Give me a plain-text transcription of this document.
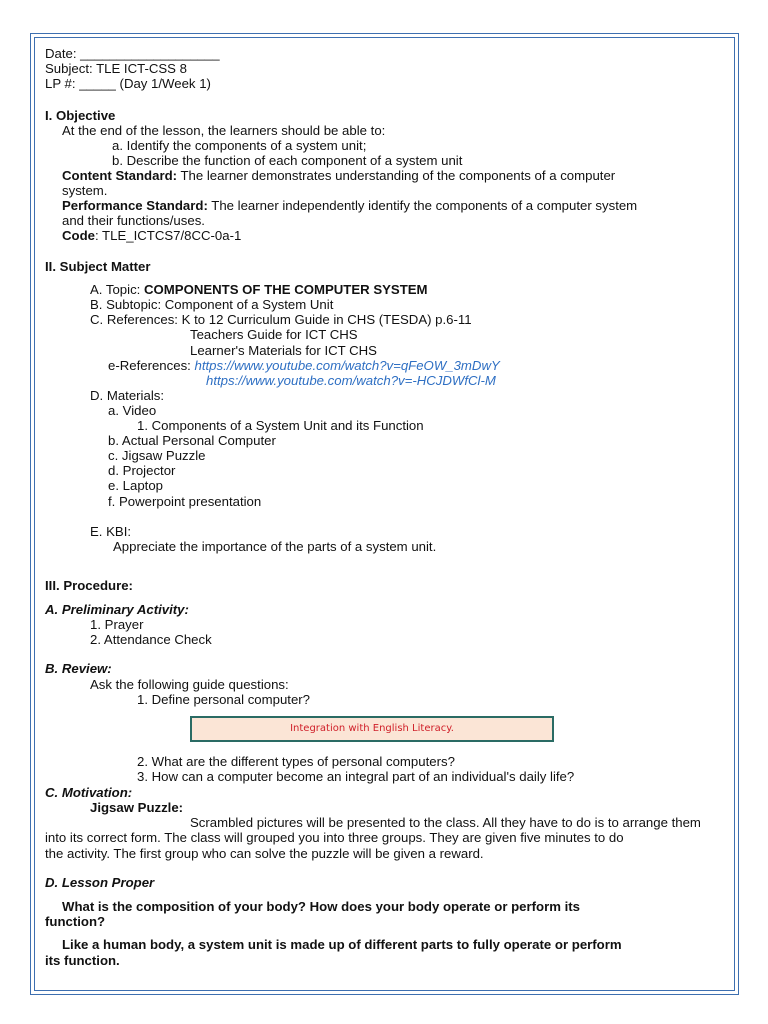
Date: ___________________
Subject: TLE ICT-CSS 8
LP #: _____ (Day 1/Week 1)
I. Objective
At the end of the lesson, the learners should be able to:
a. Identify the components of a system unit;
b. Describe the function of each component of a system unit
Content Standard: The learner demonstrates understanding of the components of a computer
system.
Performance Standard: The learner independently identify the components of a computer system
and their functions/uses.
Code: TLE_ICTCS7/8CC-0a-1
II. Subject Matter
A. Topic: COMPONENTS OF THE COMPUTER SYSTEM
B. Subtopic: Component of a System Unit
C. References: K to 12 Curriculum Guide in CHS (TESDA) p.6-11
Teachers Guide for ICT CHS
Learner's Materials for ICT CHS
e-References: https://www.youtube.com/watch?v=qFeOW_3mDwY
https://www.youtube.com/watch?v=-HCJDWfCl-M
D. Materials:
a. Video
1. Components of a System Unit and its Function
b. Actual Personal Computer
c. Jigsaw Puzzle
d. Projector
e. Laptop
f. Powerpoint presentation
E. KBI:
Appreciate the importance of the parts of a system unit.
III. Procedure:
A. Preliminary Activity:
1. Prayer
2. Attendance Check
B. Review:
Ask the following guide questions:
1. Define personal computer?
Integration with English Literacy.
2. What are the different types of personal computers?
3. How can a computer become an integral part of an individual's daily life?
C. Motivation:
Jigsaw Puzzle:
Scrambled pictures will be presented to the class. All they have to do is to arrange them
into its correct form. The class will grouped you into three groups. They are given five minutes to do
the activity. The first group who can solve the puzzle will be given a reward.
D. Lesson Proper
What is the composition of your body? How does your body operate or perform its
function?
Like a human body, a system unit is made up of different parts to fully operate or perform
its function.
